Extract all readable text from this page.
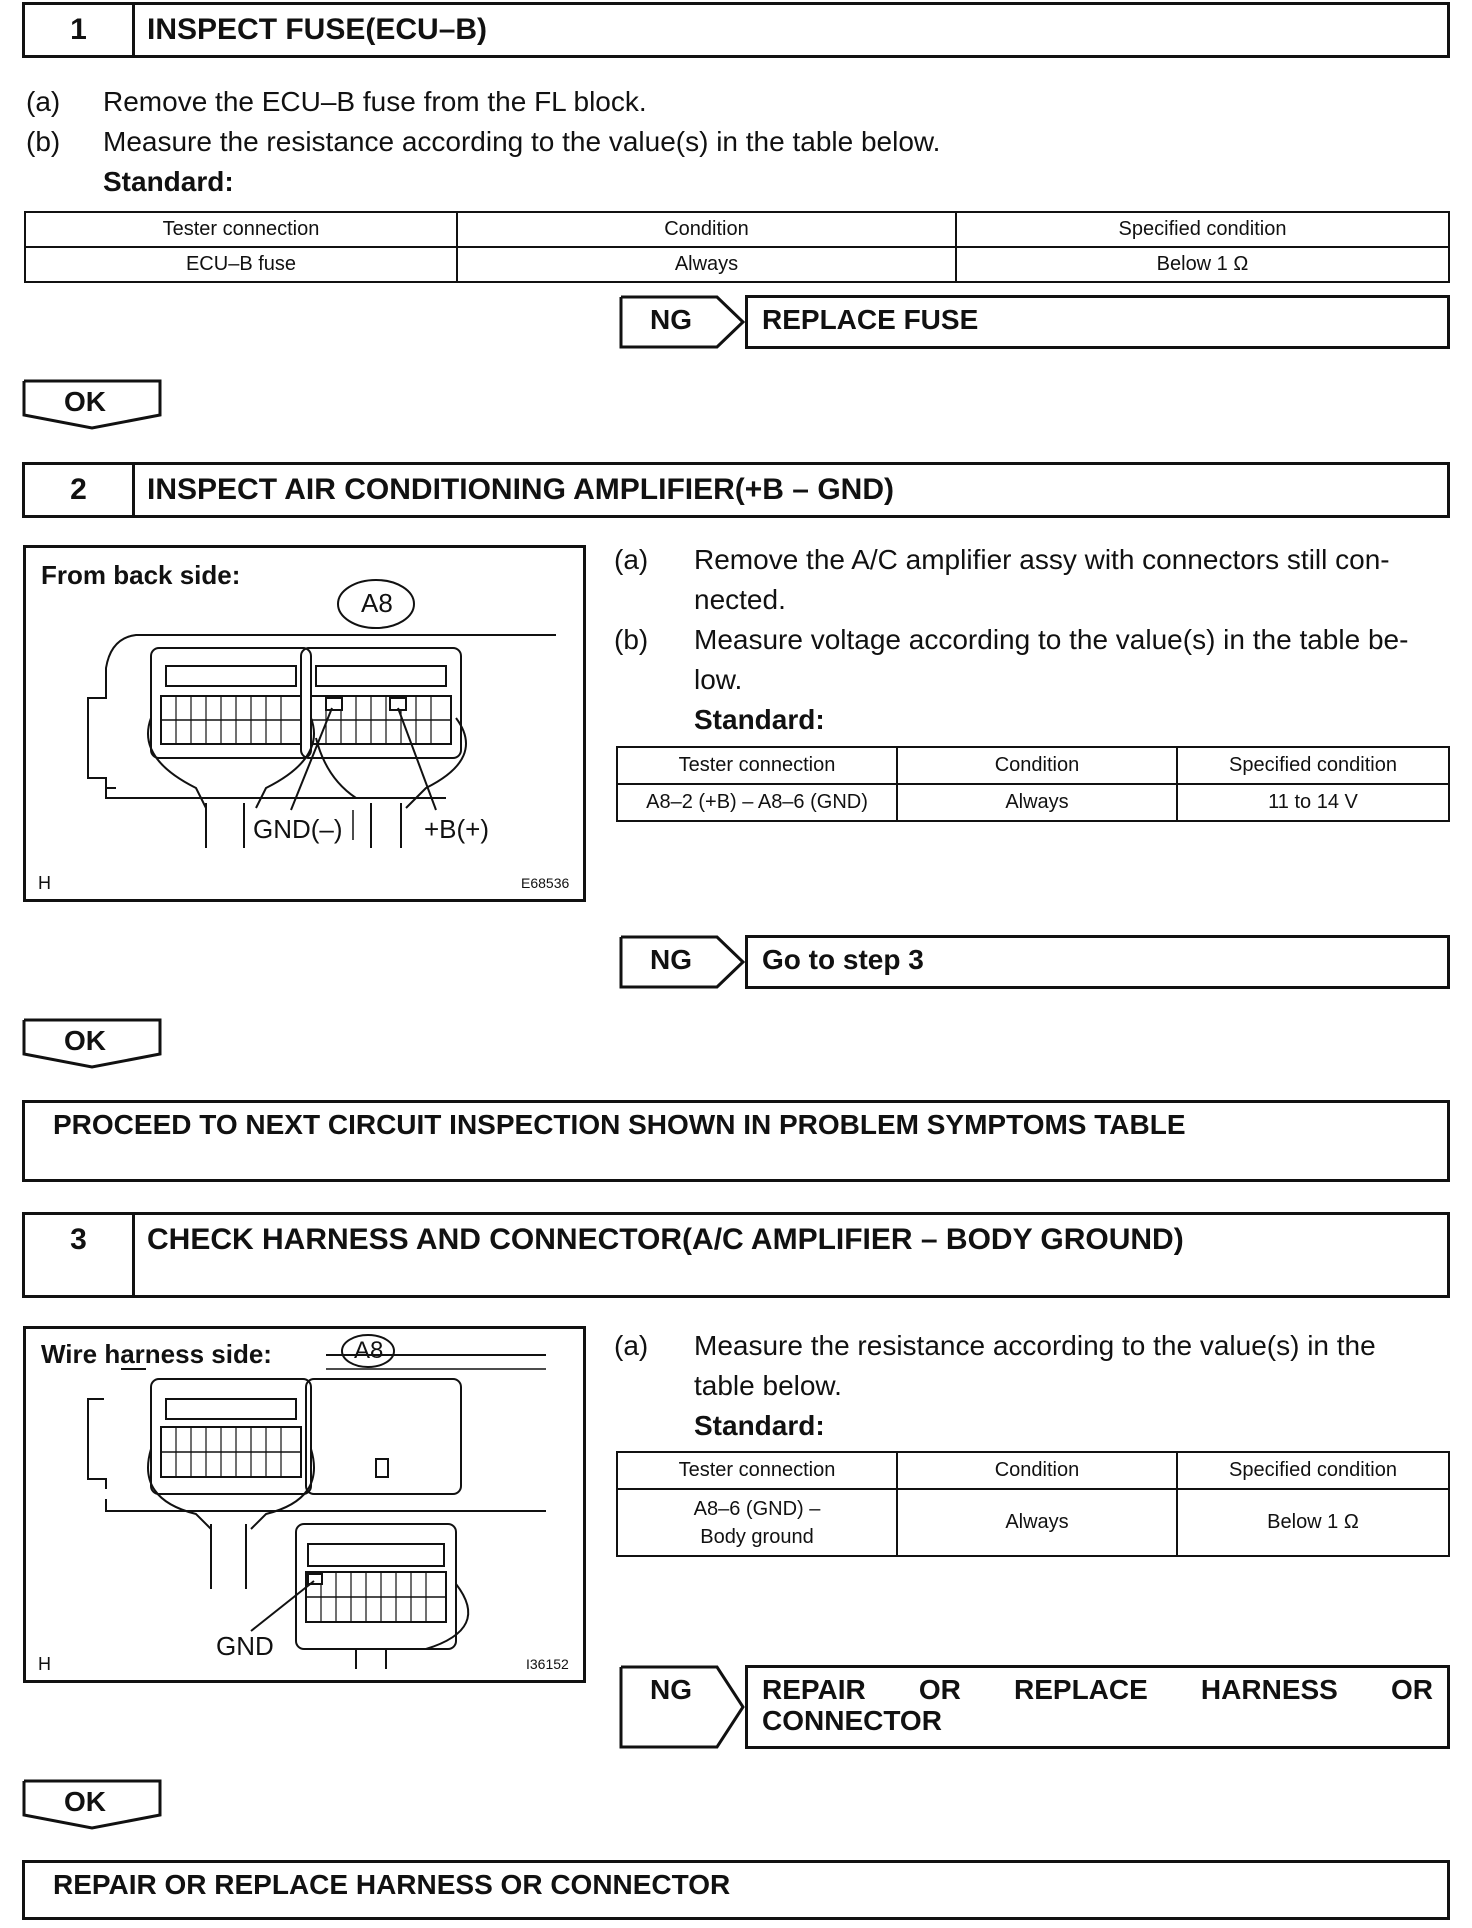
1	INSPECT FUSE(ECU–B)
(a) Remove the ECU–B fuse from the FL block.
(b) Measure the resistance according to the value(s) in the table below.
Standard:
Tester connection	Condition	Specified condition
ECU–B fuse	Always	Below 1 Ω
NG	REPLACE FUSE
OK
2	INSPECT AIR CONDITIONING AMPLIFIER(+B – GND)
From back side:
A8
GND(–)	+B(+)
H	E68536
(a) Remove the A/C amplifier assy with connectors still con-
nected.
(b) Measure voltage according to the value(s) in the table be-
low.
Standard:
Tester connection	Condition	Specified condition
A8–2 (+B) – A8–6 (GND)	Always	11 to 14 V
NG	Go to step 3
OK
PROCEED TO NEXT CIRCUIT INSPECTION SHOWN IN PROBLEM SYMPTOMS TABLE
3	CHECK HARNESS AND CONNECTOR(A/C AMPLIFIER – BODY GROUND)
Wire harness side:	A8
GND
H	I36152
(a) Measure the resistance according to the value(s) in the
table below.
Standard:
Tester connection	Condition	Specified condition

A8–6 (GND) –
Body ground	Always	Below 1 Ω
NG	REPAIR OR REPLACE HARNESS OR
CONNECTOR
OK
REPAIR OR REPLACE HARNESS OR CONNECTOR
